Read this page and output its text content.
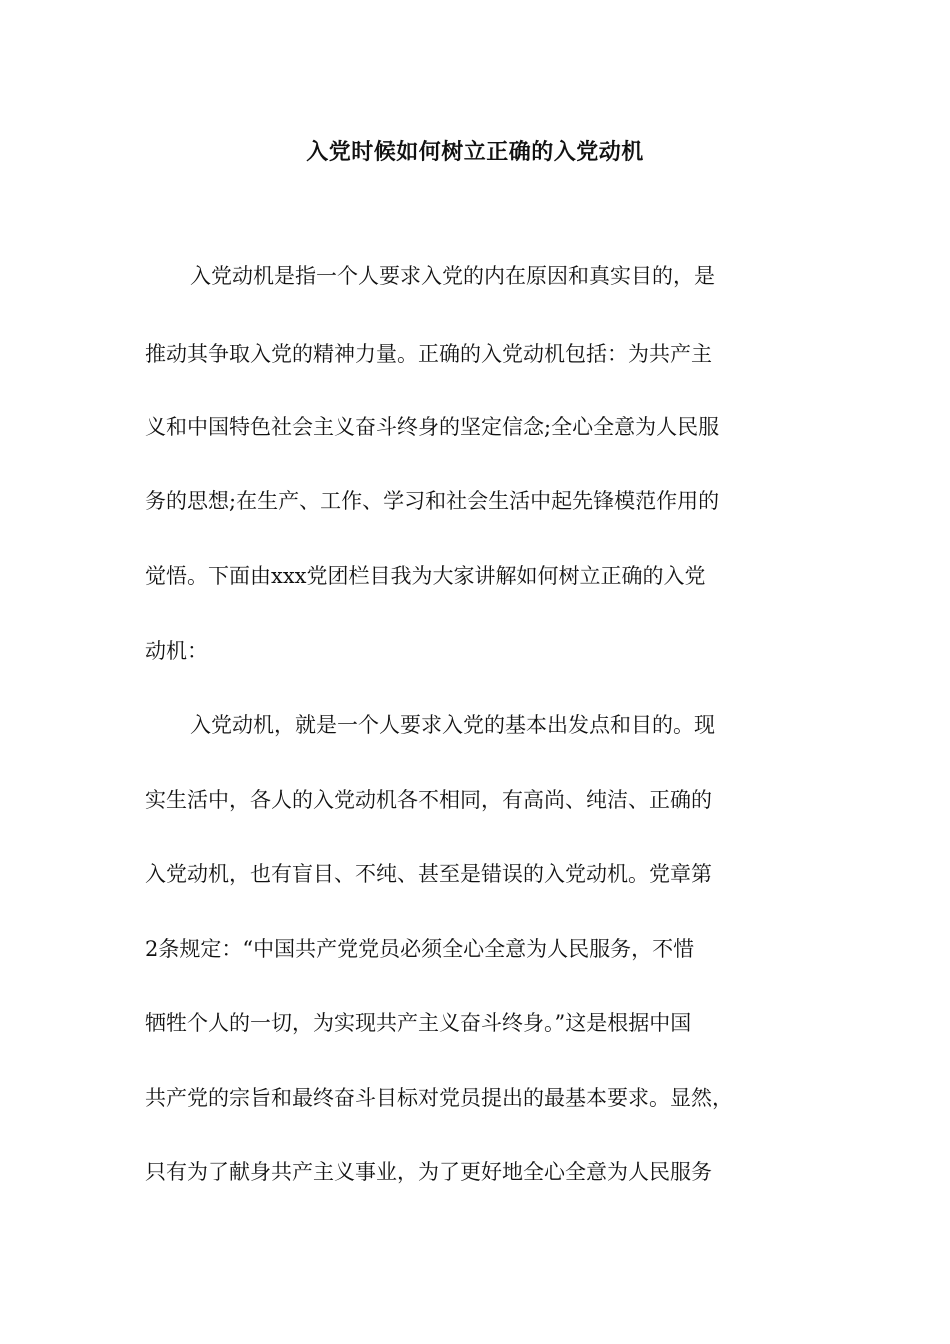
入党时候如何树立正确的入党动机

入党动机是指一个人要求入党的内在原因和真实目的，是

推动其争取入党的精神力量。正确的入党动机包括：为共产主

义和中国特色社会主义奋斗终身的坚定信念;全心全意为人民服

务的思想;在生产、工作、学习和社会生活中起先锋模范作用的

觉悟。下面由xxx党团栏目我为大家讲解如何树立正确的入党

动机：

入党动机，就是一个人要求入党的基本出发点和目的。现

实生活中，各人的入党动机各不相同，有高尚、纯洁、正确的

入党动机，也有盲目、不纯、甚至是错误的入党动机。党章第

2条规定：“中国共产党党员必须全心全意为人民服务，不惜

牺牲个人的一切，为实现共产主义奋斗终身。”这是根据中国

共产党的宗旨和最终奋斗目标对党员提出的最基本要求。显然，

只有为了献身共产主义事业，为了更好地全心全意为人民服务
